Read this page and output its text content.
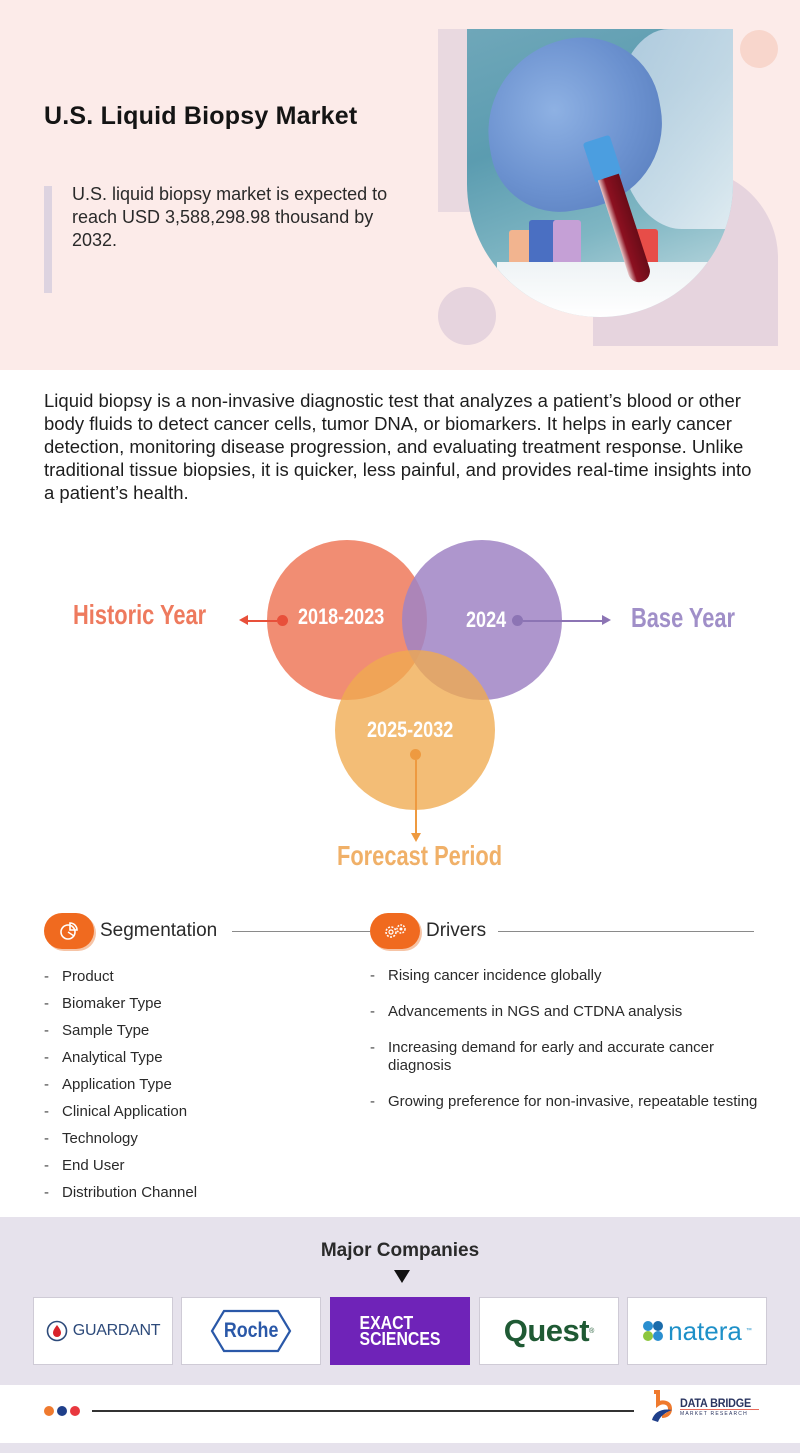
U.S. Liquid Biopsy Market

U.S. liquid biopsy market is expected to reach USD 3,588,298.98 thousand by 2032.

Liquid biopsy is a non-invasive diagnostic test that analyzes a patient’s blood or other body fluids to detect cancer cells, tumor DNA, or biomarkers. It helps in early cancer detection, monitoring disease progression, and evaluating treatment response. Unlike traditional tissue biopsies, it is quicker, less painful, and provides real-time insights into a patient’s health.

2018-2023	2024
2025-2032
Historic Year	Base Year
Forecast Period
Segmentation
- Product
- Biomaker Type
- Sample Type
- Analytical Type
- Application Type
- Clinical Application
- Technology
- End User
- Distribution Channel
Drivers
- Rising cancer incidence globally
- Advancements in NGS and CTDNA analysis
- Increasing demand for early and accurate cancer diagnosis
- Growing preference for non-invasive, repeatable testing
Major Companies
GUARDANT	Roche	EXACT
SCIENCES Quest ®	natera ™
DATA BRIDGE
MARKET RESEARCH
